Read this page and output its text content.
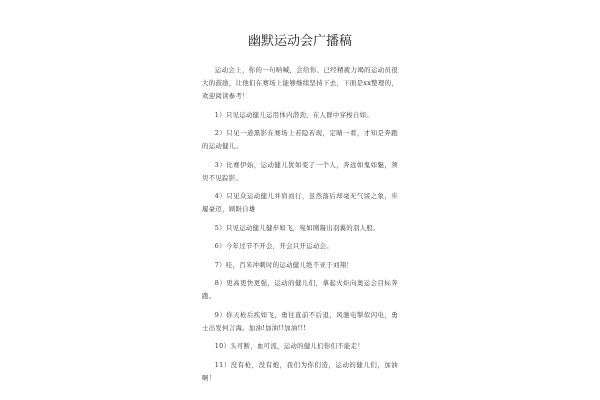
幽默运动会广播稿

运动会上，你的一句呐喊，会给你、已经精疲力竭的运动员很大的鼓励，让他们在赛场上能够继续坚持下去，下面是xx整理的，欢迎阅读参考！

1）只见运动健儿运用体内潜劲，在人群中穿梭自如。

2）只见一道黑影在赛场上若隐若现，定睛一看，才知是奔跑的运动健儿。

3）比赛伊始，运动健儿犹如变了一个人，奔远如鬼如魅，须臾不见踪影。

4）只见众运动健儿并肩而行，虽然落后却毫无气馁之象，步履豪迈，顾盼自雄

5）只见运动健儿健步如飞，宛如刚凝出羽翼的羽人般。

6）今年过节不开会，开会只开运动会。

7）哇，百米冲刺时的运动健儿绝不亚于刘翔！

8）更高更快更强，运动的健儿们，拿起火炬向奥运会目标奔跑。

9）你天枪后疾如飞，勇往直前不后退，风驰电掣似闪电，勇士出发何言海。加油!加油!!加油!!!

10）头可断，血可流，运动的健儿们你们不能走！

11）没有枪，没有炮，我们为你们造，运动的健儿们，加油啊！
